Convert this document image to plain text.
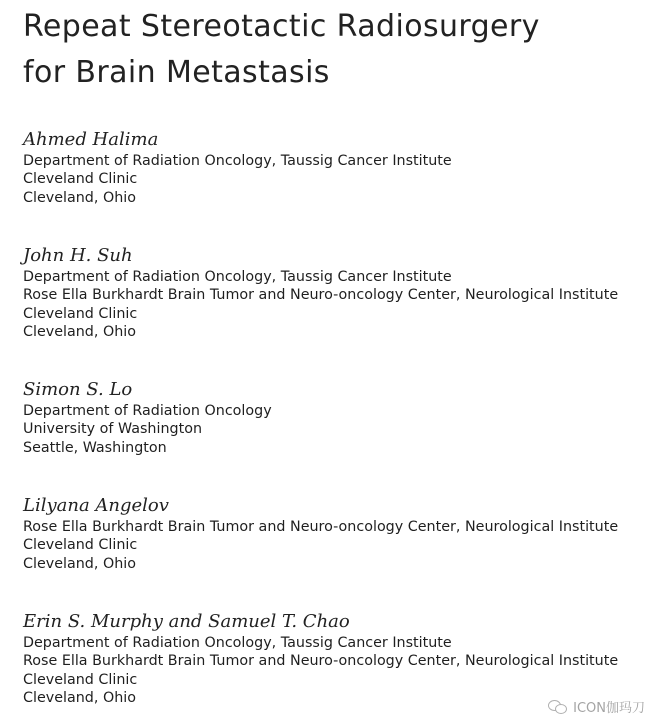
Repeat Stereotactic Radiosurgery
for Brain Metastasis
Ahmed Halima
Department of Radiation Oncology, Taussig Cancer Institute
Cleveland Clinic
Cleveland, Ohio
John H. Suh
Department of Radiation Oncology, Taussig Cancer Institute
Rose Ella Burkhardt Brain Tumor and Neuro-oncology Center, Neurological Institute
Cleveland Clinic
Cleveland, Ohio
Simon S. Lo
Department of Radiation Oncology
University of Washington
Seattle, Washington
Lilyana Angelov
Rose Ella Burkhardt Brain Tumor and Neuro-oncology Center, Neurological Institute
Cleveland Clinic
Cleveland, Ohio
Erin S. Murphy and Samuel T. Chao
Department of Radiation Oncology, Taussig Cancer Institute
Rose Ella Burkhardt Brain Tumor and Neuro-oncology Center, Neurological Institute
Cleveland Clinic
Cleveland, Ohio
ICON伽玛刀
